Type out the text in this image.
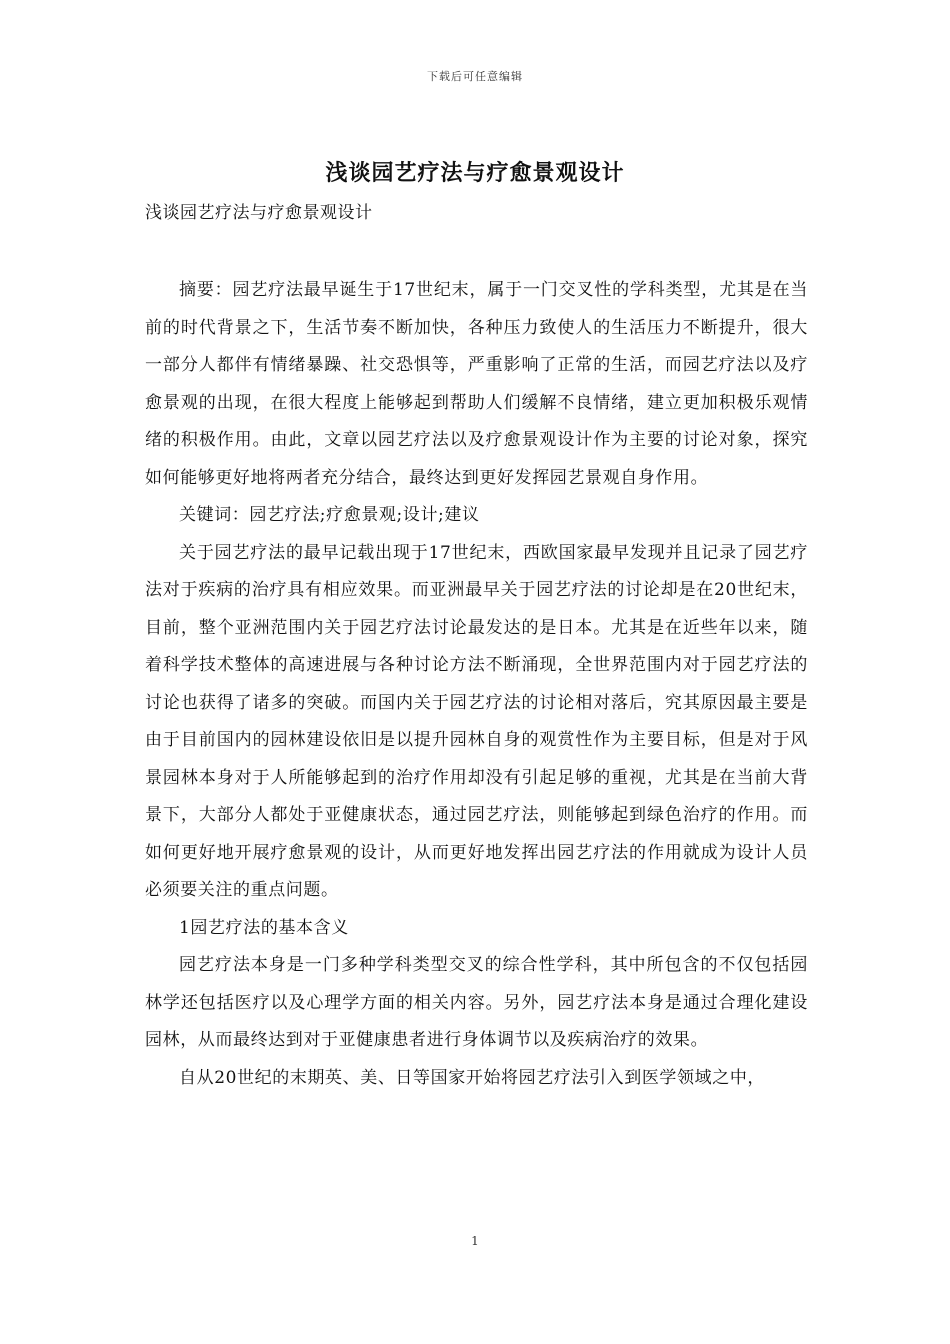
下载后可任意编辑
浅谈园艺疗法与疗愈景观设计
浅谈园艺疗法与疗愈景观设计

摘要：园艺疗法最早诞生于17世纪末，属于一门交叉性的学科类型，尤其是在当前的时代背景之下，生活节奏不断加快，各种压力致使人的生活压力不断提升，很大一部分人都伴有情绪暴躁、社交恐惧等，严重影响了正常的生活，而园艺疗法以及疗愈景观的出现，在很大程度上能够起到帮助人们缓解不良情绪，建立更加积极乐观情绪的积极作用。由此，文章以园艺疗法以及疗愈景观设计作为主要的讨论对象，探究如何能够更好地将两者充分结合，最终达到更好发挥园艺景观自身作用。

关键词：园艺疗法;疗愈景观;设计;建议

关于园艺疗法的最早记载出现于17世纪末，西欧国家最早发现并且记录了园艺疗法对于疾病的治疗具有相应效果。而亚洲最早关于园艺疗法的讨论却是在20世纪末，目前，整个亚洲范围内关于园艺疗法讨论最发达的是日本。尤其是在近些年以来，随着科学技术整体的高速进展与各种讨论方法不断涌现，全世界范围内对于园艺疗法的讨论也获得了诸多的突破。而国内关于园艺疗法的讨论相对落后，究其原因最主要是由于目前国内的园林建设依旧是以提升园林自身的观赏性作为主要目标，但是对于风景园林本身对于人所能够起到的治疗作用却没有引起足够的重视，尤其是在当前大背景下，大部分人都处于亚健康状态，通过园艺疗法，则能够起到绿色治疗的作用。而如何更好地开展疗愈景观的设计，从而更好地发挥出园艺疗法的作用就成为设计人员必须要关注的重点问题。

1园艺疗法的基本含义

园艺疗法本身是一门多种学科类型交叉的综合性学科，其中所包含的不仅包括园林学还包括医疗以及心理学方面的相关内容。另外，园艺疗法本身是通过合理化建设园林，从而最终达到对于亚健康患者进行身体调节以及疾病治疗的效果。

自从20世纪的末期英、美、日等国家开始将园艺疗法引入到医学领域之中，

1
